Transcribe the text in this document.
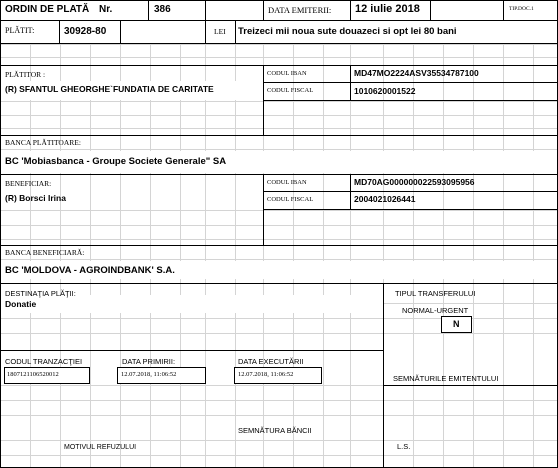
ORDIN DE PLATĂ Nr.	386	DATA EMITERII: 12 iulie 2018	TIP.DOC.1
PLĂTIT:	30928-80	LEI Treizeci mii noua sute douazeci si opt lei 80 bani
PLĂTITOR :
(R) SFANTUL GHEORGHE`FUNDATIA DE CARITATE
CODUL IBAN	MD47MO2224ASV35534787100
CODUL FISCAL	1010620001522
BANCA PLĂTITOARE:
BC 'Mobiasbanca - Groupe Societe Generale" SA
BENEFICIAR:
(R) Borsci Irina
CODUL IBAN	MD70AG000000022593095956
CODUL FISCAL	2004021026441
BANCA BENEFICIARĂ:
BC 'MOLDOVA - AGROINDBANK' S.A.
DESTINAŢIA PLĂŢII:
Donatie
TIPUL TRANSFERULUI
NORMAL-URGENT
N
CODUL TRANZACŢIEI
1807121106520012
DATA PRIMIRII:
12.07.2018, 11:06:52
DATA EXECUTĂRII
12.07.2018, 11:06:52	SEMNĂTURILE EMITENTULUI
SEMNĂTURA BĂNCII
MOTIVUL REFUZULUI	L.S.
